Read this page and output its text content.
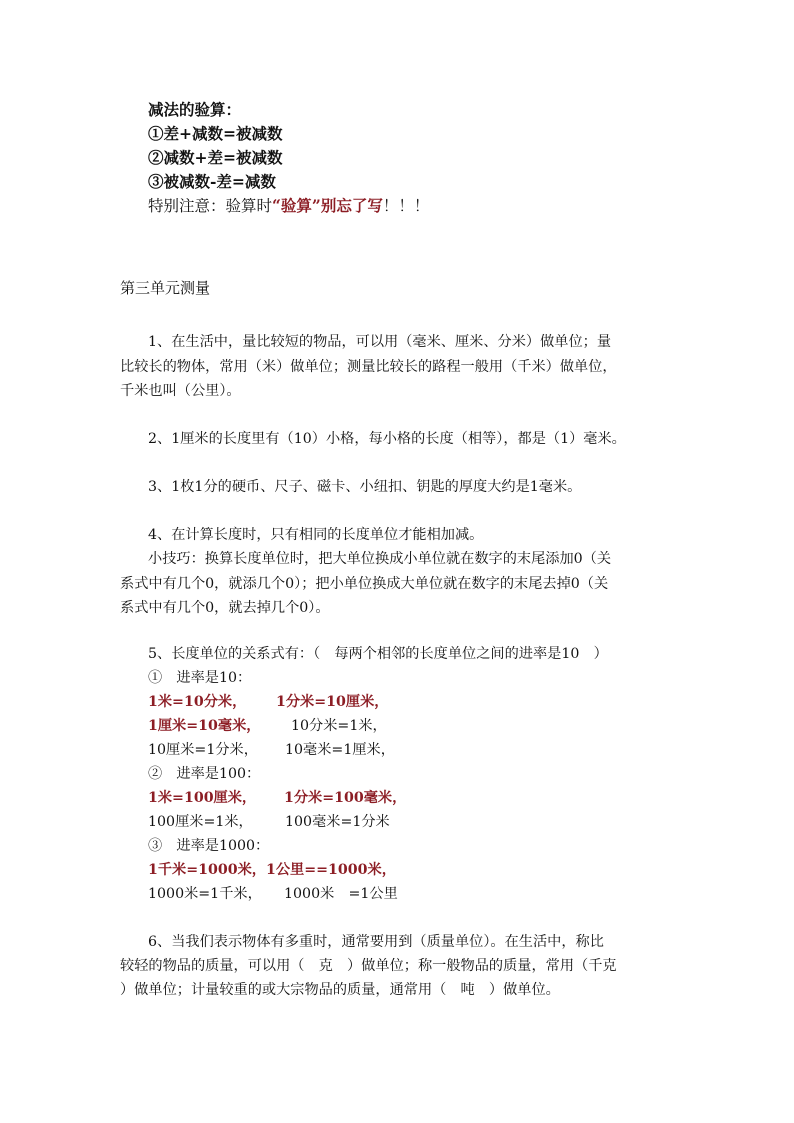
减法的验算：
①差+减数=被减数
②减数+差=被减数
③被减数-差=减数
特别注意：验算时“验算”别忘了写！！！
第三单元测量
1、在生活中，量比较短的物品，可以用（毫米、厘米、分米）做单位；量
比较长的物体，常用（米）做单位；测量比较长的路程一般用（千米）做单位，
千米也叫（公里）。
2、1厘米的长度里有（10）小格，每小格的长度（相等），都是（1）毫米。
3、1枚1分的硬币、尺子、磁卡、小纽扣、钥匙的厚度大约是1毫米。
4、在计算长度时，只有相同的长度单位才能相加减。
小技巧：换算长度单位时，把大单位换成小单位就在数字的末尾添加0（关
系式中有几个0，就添几个0）；把小单位换成大单位就在数字的末尾去掉0（关
系式中有几个0，就去掉几个0）。
5、长度单位的关系式有：（　每两个相邻的长度单位之间的进率是10　）
①　进率是10：
1米=10分米， 1分米=10厘米，
1厘米=10毫米， 10分米=1米，
10厘米=1分米， 10毫米=1厘米，
②　进率是100：
1米=100厘米， 1分米=100毫米，
100厘米=1米， 100毫米=1分米
③　进率是1000：
1千米=1000米，1公里==1000米，
1000米=1千米， 1000米　=1公里
6、当我们表示物体有多重时，通常要用到（质量单位）。在生活中，称比
较轻的物品的质量，可以用（　克　）做单位；称一般物品的质量，常用（千克
）做单位；计量较重的或大宗物品的质量，通常用（　吨　）做单位。
